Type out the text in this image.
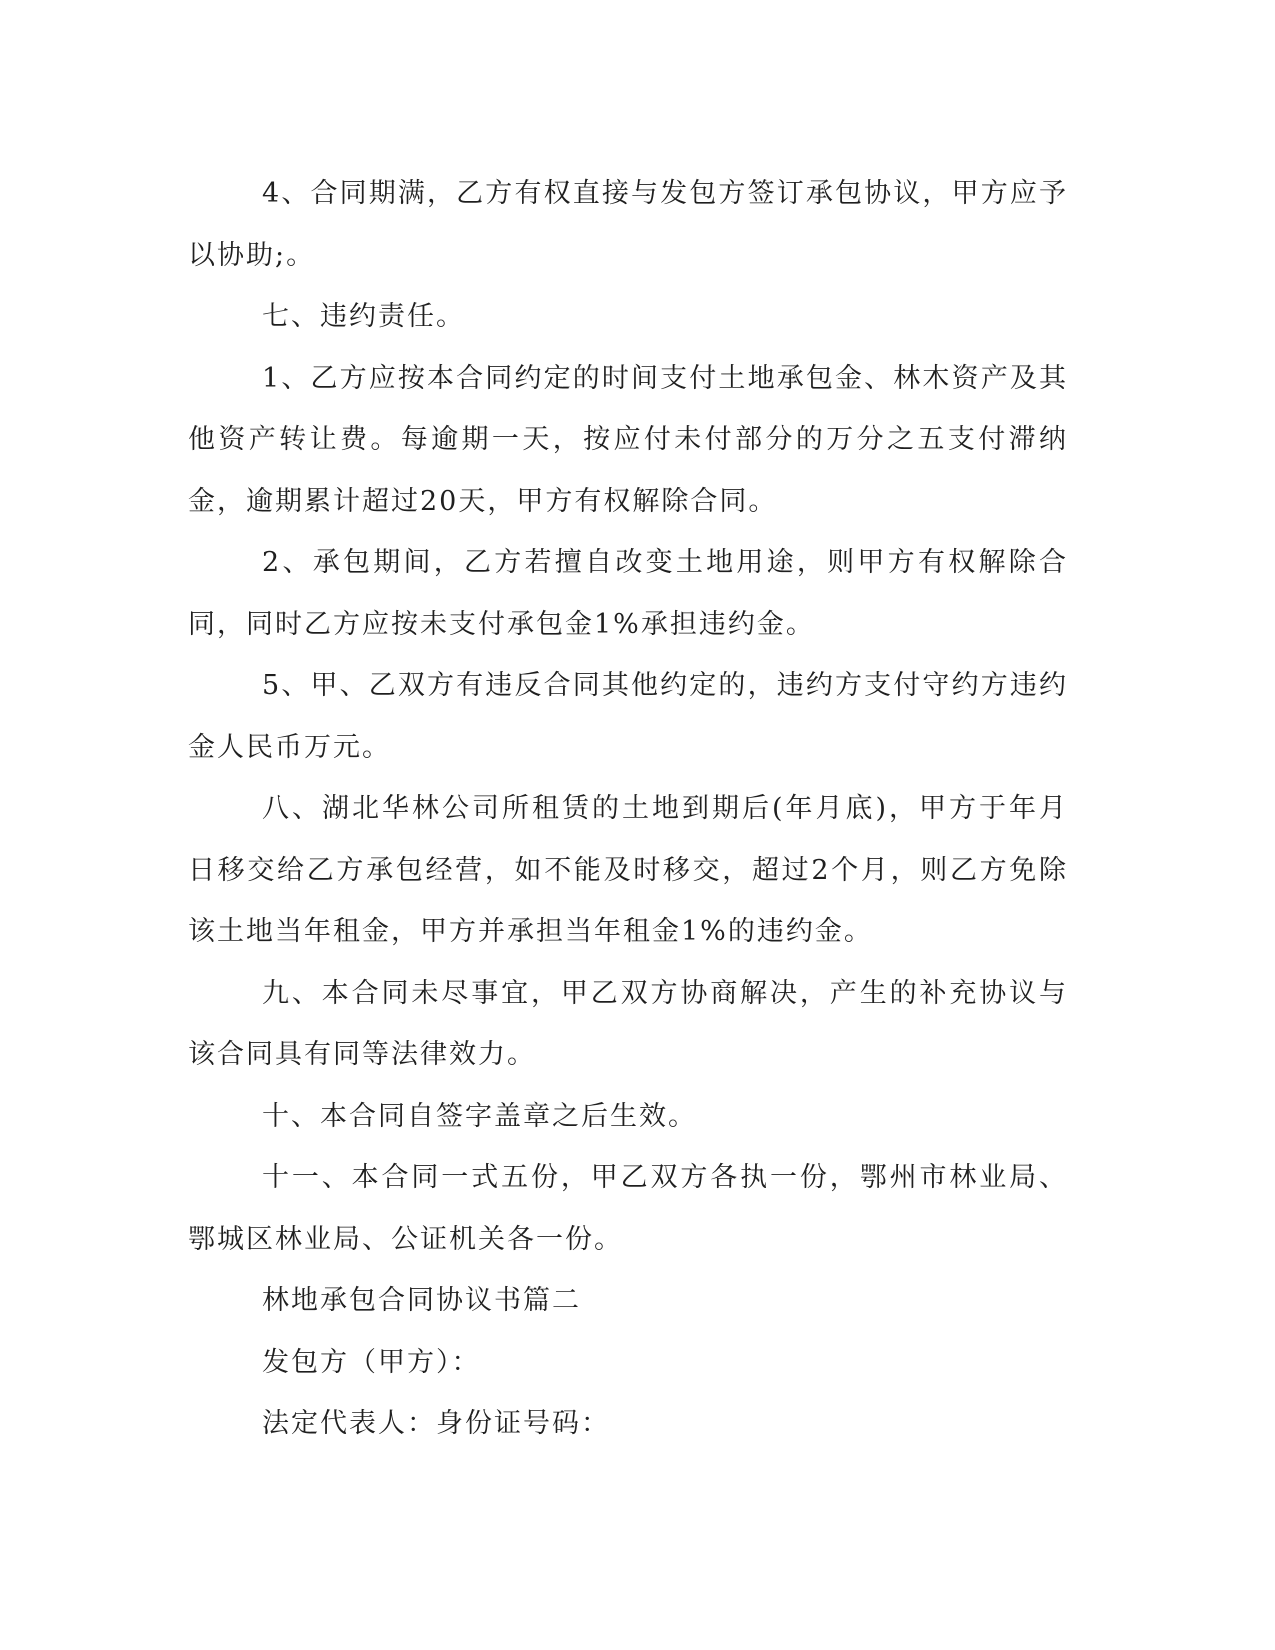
4、合同期满，乙方有权直接与发包方签订承包协议，甲方应予以协助;。

七、违约责任。

1、乙方应按本合同约定的时间支付土地承包金、林木资产及其他资产转让费。每逾期一天，按应付未付部分的万分之五支付滞纳金，逾期累计超过20天，甲方有权解除合同。

2、承包期间，乙方若擅自改变土地用途，则甲方有权解除合同，同时乙方应按未支付承包金1%承担违约金。

5、甲、乙双方有违反合同其他约定的，违约方支付守约方违约金人民币万元。

八、湖北华林公司所租赁的土地到期后(年月底)，甲方于年月日移交给乙方承包经营，如不能及时移交，超过2个月，则乙方免除该土地当年租金，甲方并承担当年租金1%的违约金。

九、本合同未尽事宜，甲乙双方协商解决，产生的补充协议与该合同具有同等法律效力。

十、本合同自签字盖章之后生效。

十一、本合同一式五份，甲乙双方各执一份，鄂州市林业局、鄂城区林业局、公证机关各一份。

林地承包合同协议书篇二

发包方（甲方）：

法定代表人：身份证号码：
